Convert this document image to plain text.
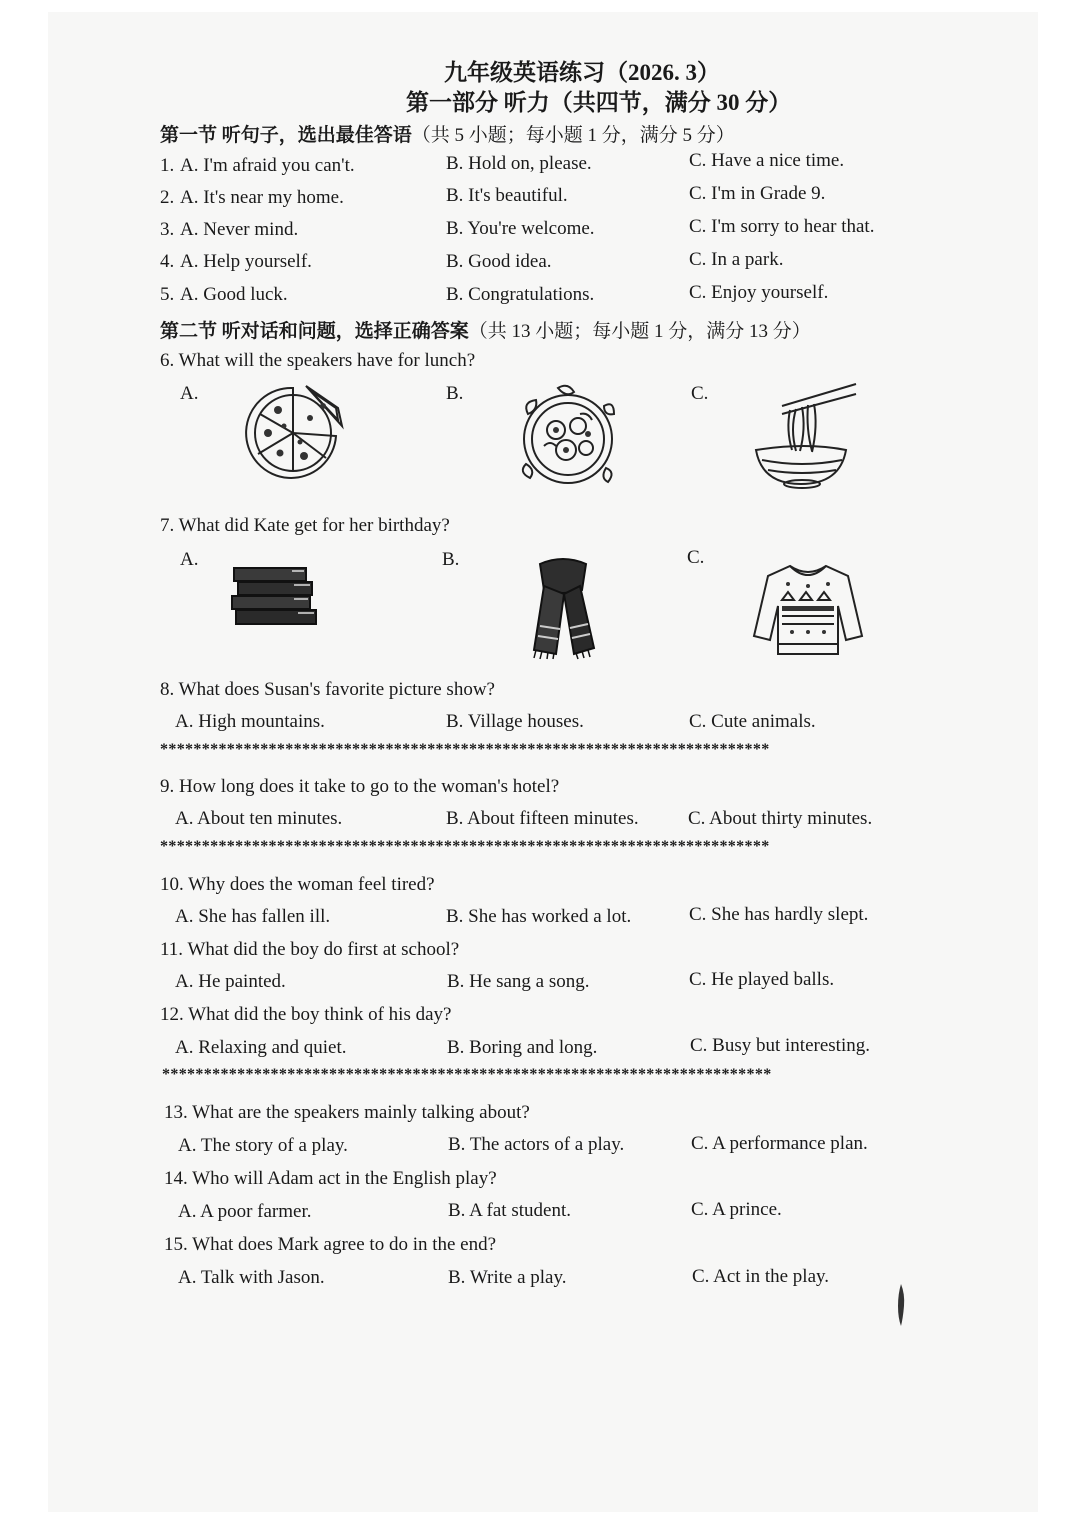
九年级英语练习（2026. 3）
第一部分 听力（共四节，满分 30 分）
第一节 听句子，选出最佳答语（共 5 小题；每小题 1 分，满分 5 分）
1. A. I'm afraid you can't.	B. Hold on, please.	C. Have a nice time.
2. A. It's near my home.	B. It's beautiful.	C. I'm in Grade 9.
3. A. Never mind.	B. You're welcome.	C. I'm sorry to hear that.
4. A. Help yourself.	B. Good idea.	C. In a park.
5. A. Good luck.	B. Congratulations.	C. Enjoy yourself.
第二节 听对话和问题，选择正确答案（共 13 小题；每小题 1 分，满分 13 分）
6. What will the speakers have for lunch?
A.	B.	C.
7. What did Kate get for her birthday?
A.	B.	C.
8. What does Susan's favorite picture show?
A. High mountains.	B. Village houses.	C. Cute animals.
*************************************************************************
9. How long does it take to go to the woman's hotel?
A. About ten minutes.	B. About fifteen minutes.	C. About thirty minutes.
*************************************************************************
10. Why does the woman feel tired?
A. She has fallen ill.	B. She has worked a lot.	C. She has hardly slept.
11. What did the boy do first at school?
A. He painted.	B. He sang a song.	C. He played balls.
12. What did the boy think of his day?
A. Relaxing and quiet.	B. Boring and long.	C. Busy but interesting.
*************************************************************************
13. What are the speakers mainly talking about?
A. The story of a play.	B. The actors of a play.	C. A performance plan.
14. Who will Adam act in the English play?
A. A poor farmer.	B. A fat student.	C. A prince.
15. What does Mark agree to do in the end?
A. Talk with Jason.	B. Write a play.	C. Act in the play.
